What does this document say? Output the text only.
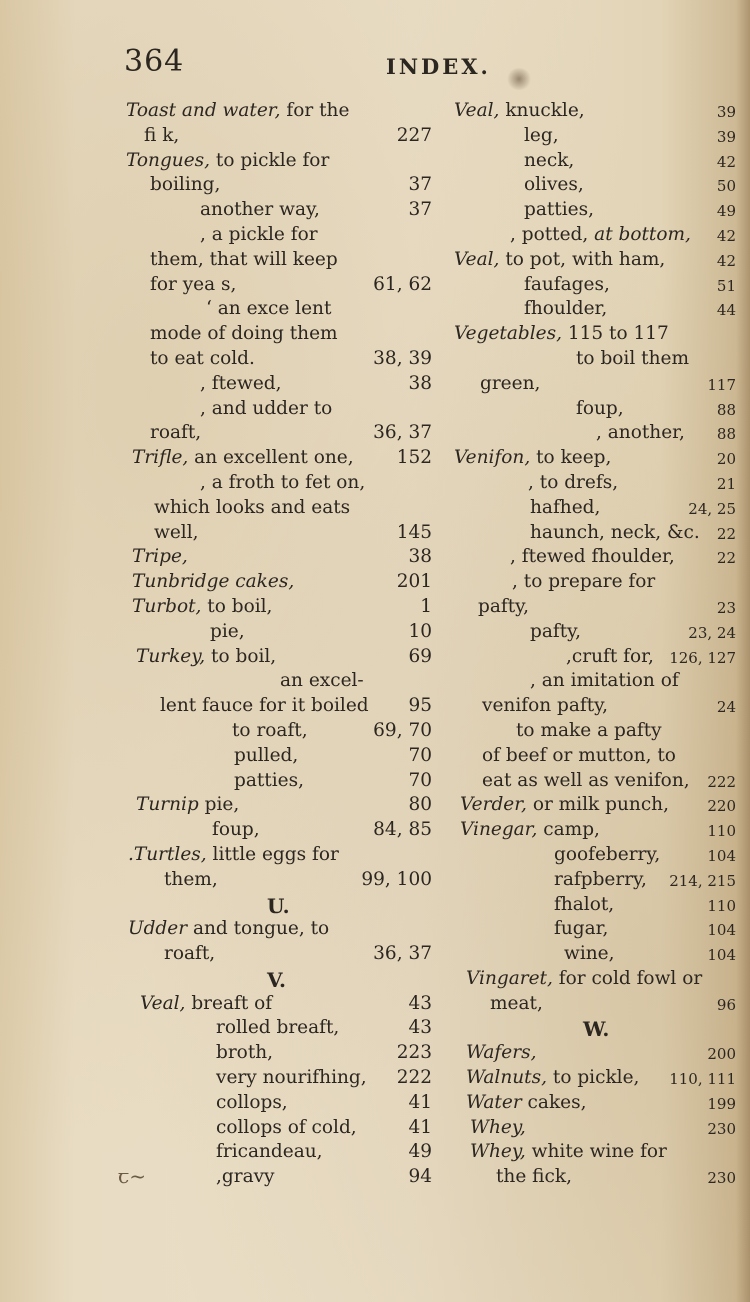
364	INDEX.
Toast and water, for the
fi k,	227
Tongues, to pickle for
boiling,	37
another way,	37
, a pickle for
them, that will keep
for yea s,	61, 62
‘ an exce lent
mode of doing them
to eat cold.	38, 39
, ftewed,	38
, and udder to
roaft,	36, 37
Trifle, an excellent one, 152
, a froth to fet on,
which looks and eats
well,	145
Tripe,	38
Tunbridge cakes,	201
Turbot, to boil,	1
pie,	10
Turkey, to boil,	69
an excel-
lent fauce for it boiled 95
to roaft,	69, 70
pulled,	70
patties,	70
Turnip pie,	80
foup,	84, 85
.Turtles, little eggs for
them,	99, 100
U.
Udder and tongue, to
roaft,	36, 37
V.
Veal, breaft of	43
rolled breaft,	43
broth,	223
very nourifhing, 222
collops,	41
collops of cold,	41
fricandeau,	49
,gravy	94
Veal, knuckle,	39
leg,	39
neck,	42
olives,	50
patties,	49
, potted, at bottom, 42
Veal, to pot, with ham,	42
faufages,	51
fhoulder,	44
Vegetables, 115 to 117
to boil them
green,	117
foup,	88
, another, 88
Venifon, to keep,	20
, to drefs,	21
hafhed,	24, 25
haunch, neck, &c. 22
, ftewed fhoulder,	22
, to prepare for
pafty,	23
pafty,	23, 24
,cruft for, 126, 127
, an imitation of
venifon pafty,	24
to make a pafty
of beef or mutton, to
eat as well as venifon, 222
Verder, or milk punch,	220
Vinegar, camp,	110
goofeberry,	104
rafpberry, 214, 215
fhalot,	110
fugar,	104
wine,	104
Vingaret, for cold fowl or
meat,	96
W.
Wafers,	200
Walnuts, to pickle, 110, 111
Water cakes,	199
Whey,	230
Whey, white wine for
the fick,	230
ꞇ~
